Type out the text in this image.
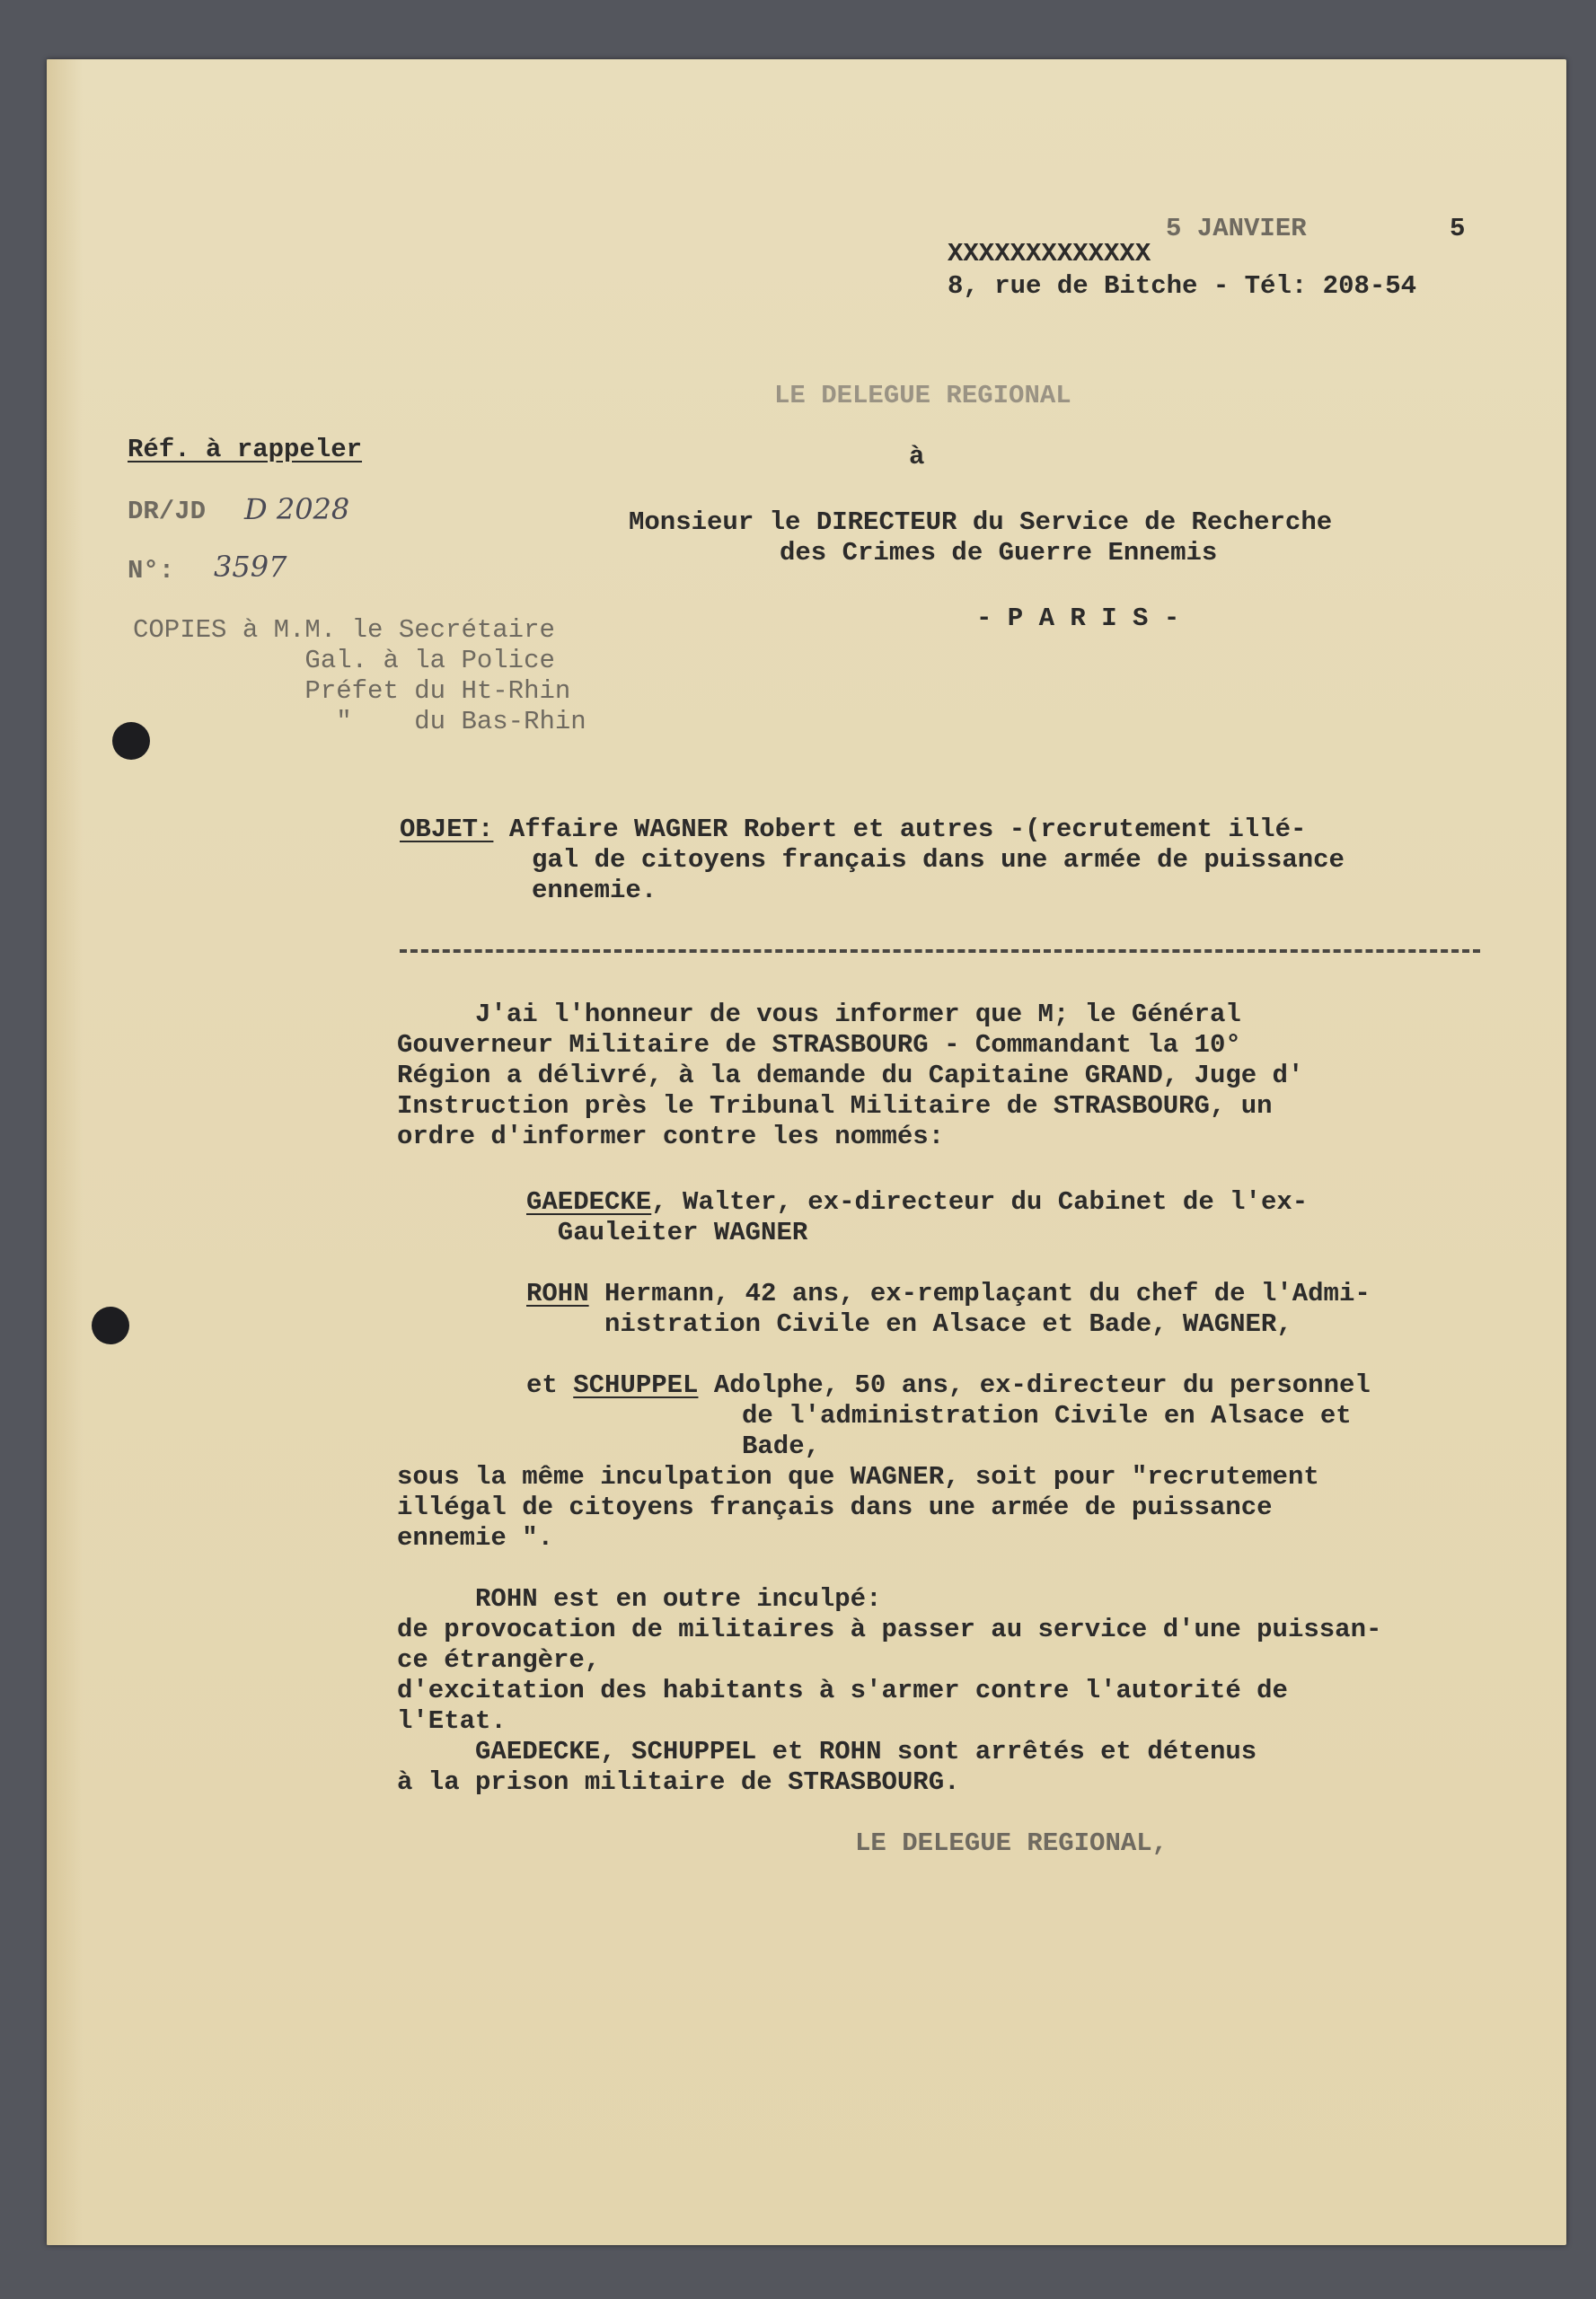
5 JANVIER	5
XXXXXXXXXXXXX
8, rue de Bitche - Tél: 208-54
LE DELEGUE REGIONAL
à
Monsieur le DIRECTEUR du Service de Recherche
des Crimes de Guerre Ennemis
- P A R I S -
Réf. à rappeler
DR/JD D 2028
N°: 3597
COPIES à M.M. le Secrétaire
Gal. à la Police
Préfet du Ht-Rhin
"    du Bas-Rhin
OBJET: Affaire WAGNER Robert et autres -(recrutement illé-
gal de citoyens français dans une armée de puissance
ennemie.
J'ai l'honneur de vous informer que M; le Général
Gouverneur Militaire de STRASBOURG - Commandant la 10°
Région a délivré, à la demande du Capitaine GRAND, Juge d'
Instruction près le Tribunal Militaire de STRASBOURG, un
ordre d'informer contre les nommés:
GAEDECKE, Walter, ex-directeur du Cabinet de l'ex-
Gauleiter WAGNER
ROHN Hermann, 42 ans, ex-remplaçant du chef de l'Admi-
nistration Civile en Alsace et Bade, WAGNER,
et SCHUPPEL Adolphe, 50 ans, ex-directeur du personnel
de l'administration Civile en Alsace et
Bade,
sous la même inculpation que WAGNER, soit pour "recrutement
illégal de citoyens français dans une armée de puissance
ennemie ".
ROHN est en outre inculpé:
de provocation de militaires à passer au service d'une puissan-
ce étrangère,
d'excitation des habitants à s'armer contre l'autorité de
l'Etat.
GAEDECKE, SCHUPPEL et ROHN sont arrêtés et détenus
à la prison militaire de STRASBOURG.
LE DELEGUE REGIONAL,
